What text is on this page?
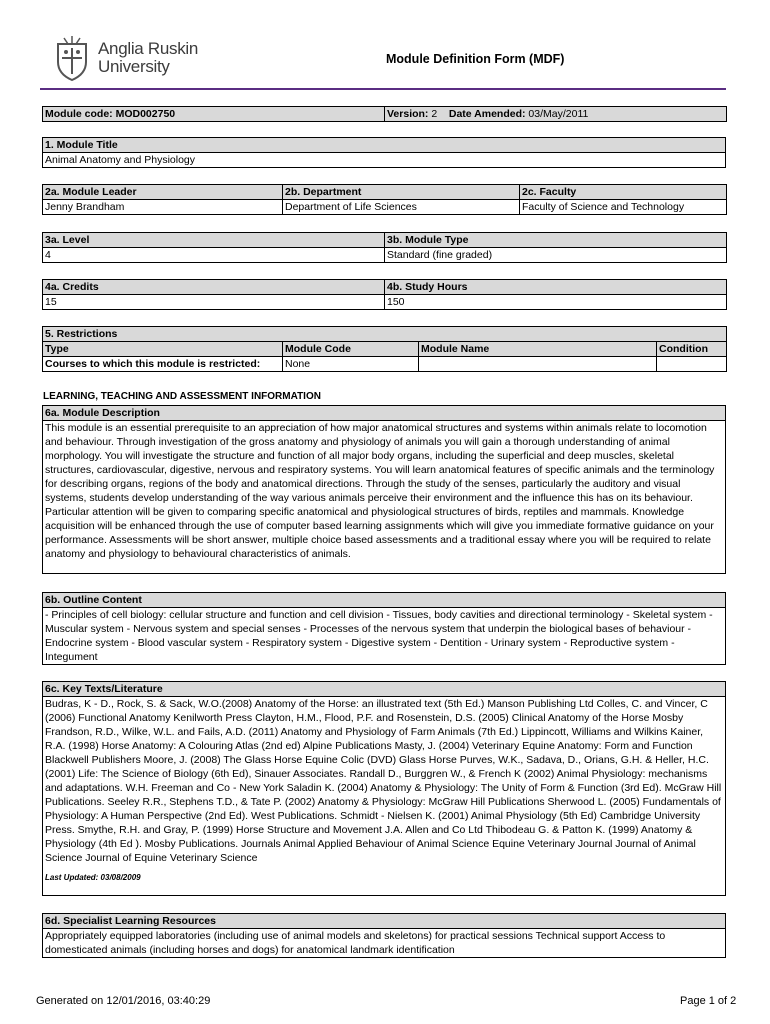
Anglia Ruskin
University	Module Definition Form (MDF)
Module code: MOD002750	Version: 2 Date Amended: 03/May/2011
1. Module Title
Animal Anatomy and Physiology
2a. Module Leader	2b. Department	2c. Faculty
Jenny Brandham	Department of Life Sciences	Faculty of Science and Technology
3a. Level	3b. Module Type
4	Standard (fine graded)
4a. Credits	4b. Study Hours
15	150
5. Restrictions			
Type	Module Code	Module Name	Condition
Courses to which this module is restricted:	None		
LEARNING, TEACHING AND ASSESSMENT INFORMATION
6a. Module Description
This module is an essential prerequisite to an appreciation of how major anatomical structures and systems within animals relate to locomotion and behaviour. Through investigation of the gross anatomy and physiology of animals you will gain a thorough understanding of animal morphology. You will investigate the structure and function of all major body organs, including the superficial and deep muscles, skeletal structures, cardiovascular, digestive, nervous and respiratory systems. You will learn anatomical features of specific animals and the terminology for describing organs, regions of the body and anatomical directions. Through the study of the senses, particularly the auditory and visual systems, students develop understanding of the way various animals perceive their environment and the influence this has on its behaviour. Particular attention will be given to comparing specific anatomical and physiological structures of birds, reptiles and mammals. Knowledge acquisition will be enhanced through the use of computer based learning assignments which will give you immediate formative guidance on your performance. Assessments will be short answer, multiple choice based assessments and a traditional essay where you will be required to relate anatomy and physiology to behavioural characteristics of animals.
6b. Outline Content
- Principles of cell biology: cellular structure and function and cell division - Tissues, body cavities and directional terminology - Skeletal system - Muscular system - Nervous system and special senses - Processes of the nervous system that underpin the biological bases of behaviour - Endocrine system - Blood vascular system - Respiratory system - Digestive system - Dentition - Urinary system - Reproductive system - Integument
6c. Key Texts/Literature

Budras, K - D., Rock, S. & Sack, W.O.(2008) Anatomy of the Horse: an illustrated text (5th Ed.) Manson Publishing Ltd Colles, C. and Vincer, C (2006) Functional Anatomy Kenilworth Press Clayton, H.M., Flood, P.F. and Rosenstein, D.S. (2005) Clinical Anatomy of the Horse Mosby Frandson, R.D., Wilke, W.L. and Fails, A.D. (2011) Anatomy and Physiology of Farm Animals (7th Ed.) Lippincott, Williams and Wilkins Kainer, R.A. (1998) Horse Anatomy: A Colouring Atlas (2nd ed) Alpine Publications Masty, J. (2004) Veterinary Equine Anatomy: Form and Function Blackwell Publishers Moore, J. (2008) The Glass Horse Equine Colic (DVD) Glass Horse Purves, W.K., Sadava, D., Orians, G.H. & Heller, H.C. (2001) Life: The Science of Biology (6th Ed), Sinauer Associates. Randall D., Burggren W., & French K (2002) Animal Physiology: mechanisms and adaptations. W.H. Freeman and Co - New York Saladin K. (2004) Anatomy & Physiology: The Unity of Form & Function (3rd Ed). McGraw Hill Publications. Seeley R.R., Stephens T.D., & Tate P. (2002) Anatomy & Physiology: McGraw Hill Publications Sherwood L. (2005) Fundamentals of Physiology: A Human Perspective (2nd Ed). West Publications. Schmidt - Nielsen K. (2001) Animal Physiology (5th Ed) Cambridge University Press. Smythe, R.H. and Gray, P. (1999) Horse Structure and Movement J.A. Allen and Co Ltd Thibodeau G. & Patton K. (1999) Anatomy & Physiology (4th Ed ). Mosby Publications. Journals Animal Applied Behaviour of Animal Science Equine Veterinary Journal Journal of Animal Science Journal of Equine Veterinary Science
Last Updated: 03/08/2009
6d. Specialist Learning Resources
Appropriately equipped laboratories (including use of animal models and skeletons) for practical sessions Technical support Access to domesticated animals (including horses and dogs) for anatomical landmark identification
Generated on 12/01/2016, 03:40:29	Page 1 of 2
